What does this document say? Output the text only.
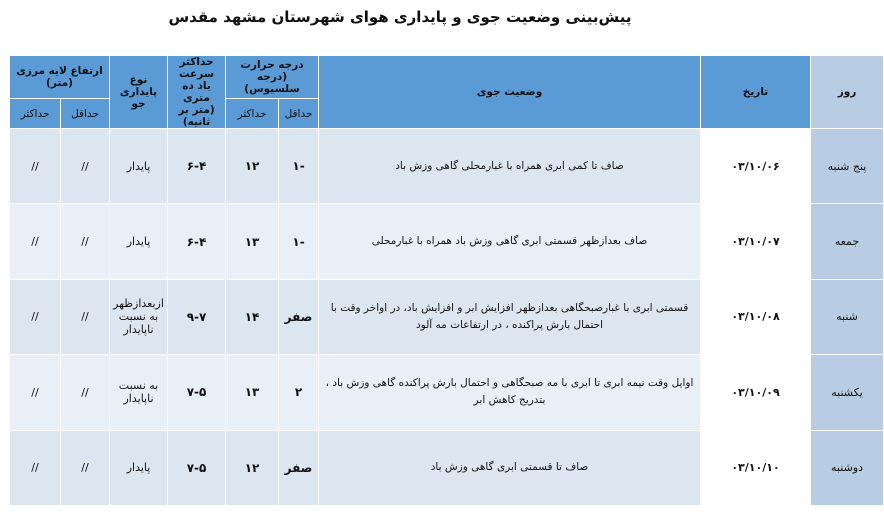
پیش‌بینی وضعیت جوی و پایداری هوای شهرستان مشهد مقدس
روز	تاریخ	وضعیت جوی	درجه حرارت (درجه سلسیوس)		حداکثر سرعت باد ده متری (متر بر ثانیه)	نوع پایداری جو	ارتفاع لایه مرزی (متر)	
			حداقل	حداکثر			حداقل	حداکثر
پنج شنبه	۰۳/۱۰/۰۶	صاف تا کمی ابری همراه با غبارمحلی گاهی وزش باد	-۱	۱۲	۶-۴	پایدار	//	//
جمعه	۰۳/۱۰/۰۷	صاف بعدازظهر قسمتی ابری گاهی وزش باد همراه با غبارمحلی	-۱	۱۳	۶-۴	پایدار	//	//
شنبه	۰۳/۱۰/۰۸	قسمتی ابری با غبارصبحگاهی بعدازظهر افزایش ابر و افزایش باد، در اواخر وقت با احتمال بارش پراکنده ، در ارتفاعات مه آلود	صفر	۱۴	۹-۷	ازبعدازظهر به نسبت ناپایدار	//	//
یکشنبه	۰۳/۱۰/۰۹	اوایل وقت نیمه ابری تا ابری با مه صبحگاهی و احتمال بارش پراکنده گاهی وزش باد ، بتدریج کاهش ابر	۲	۱۳	۷-۵	به نسبت ناپایدار	//	//
دوشنبه	۰۳/۱۰/۱۰	صاف تا قسمتی ابری گاهی وزش باد	صفر	۱۲	۷-۵	پایدار	//	//
